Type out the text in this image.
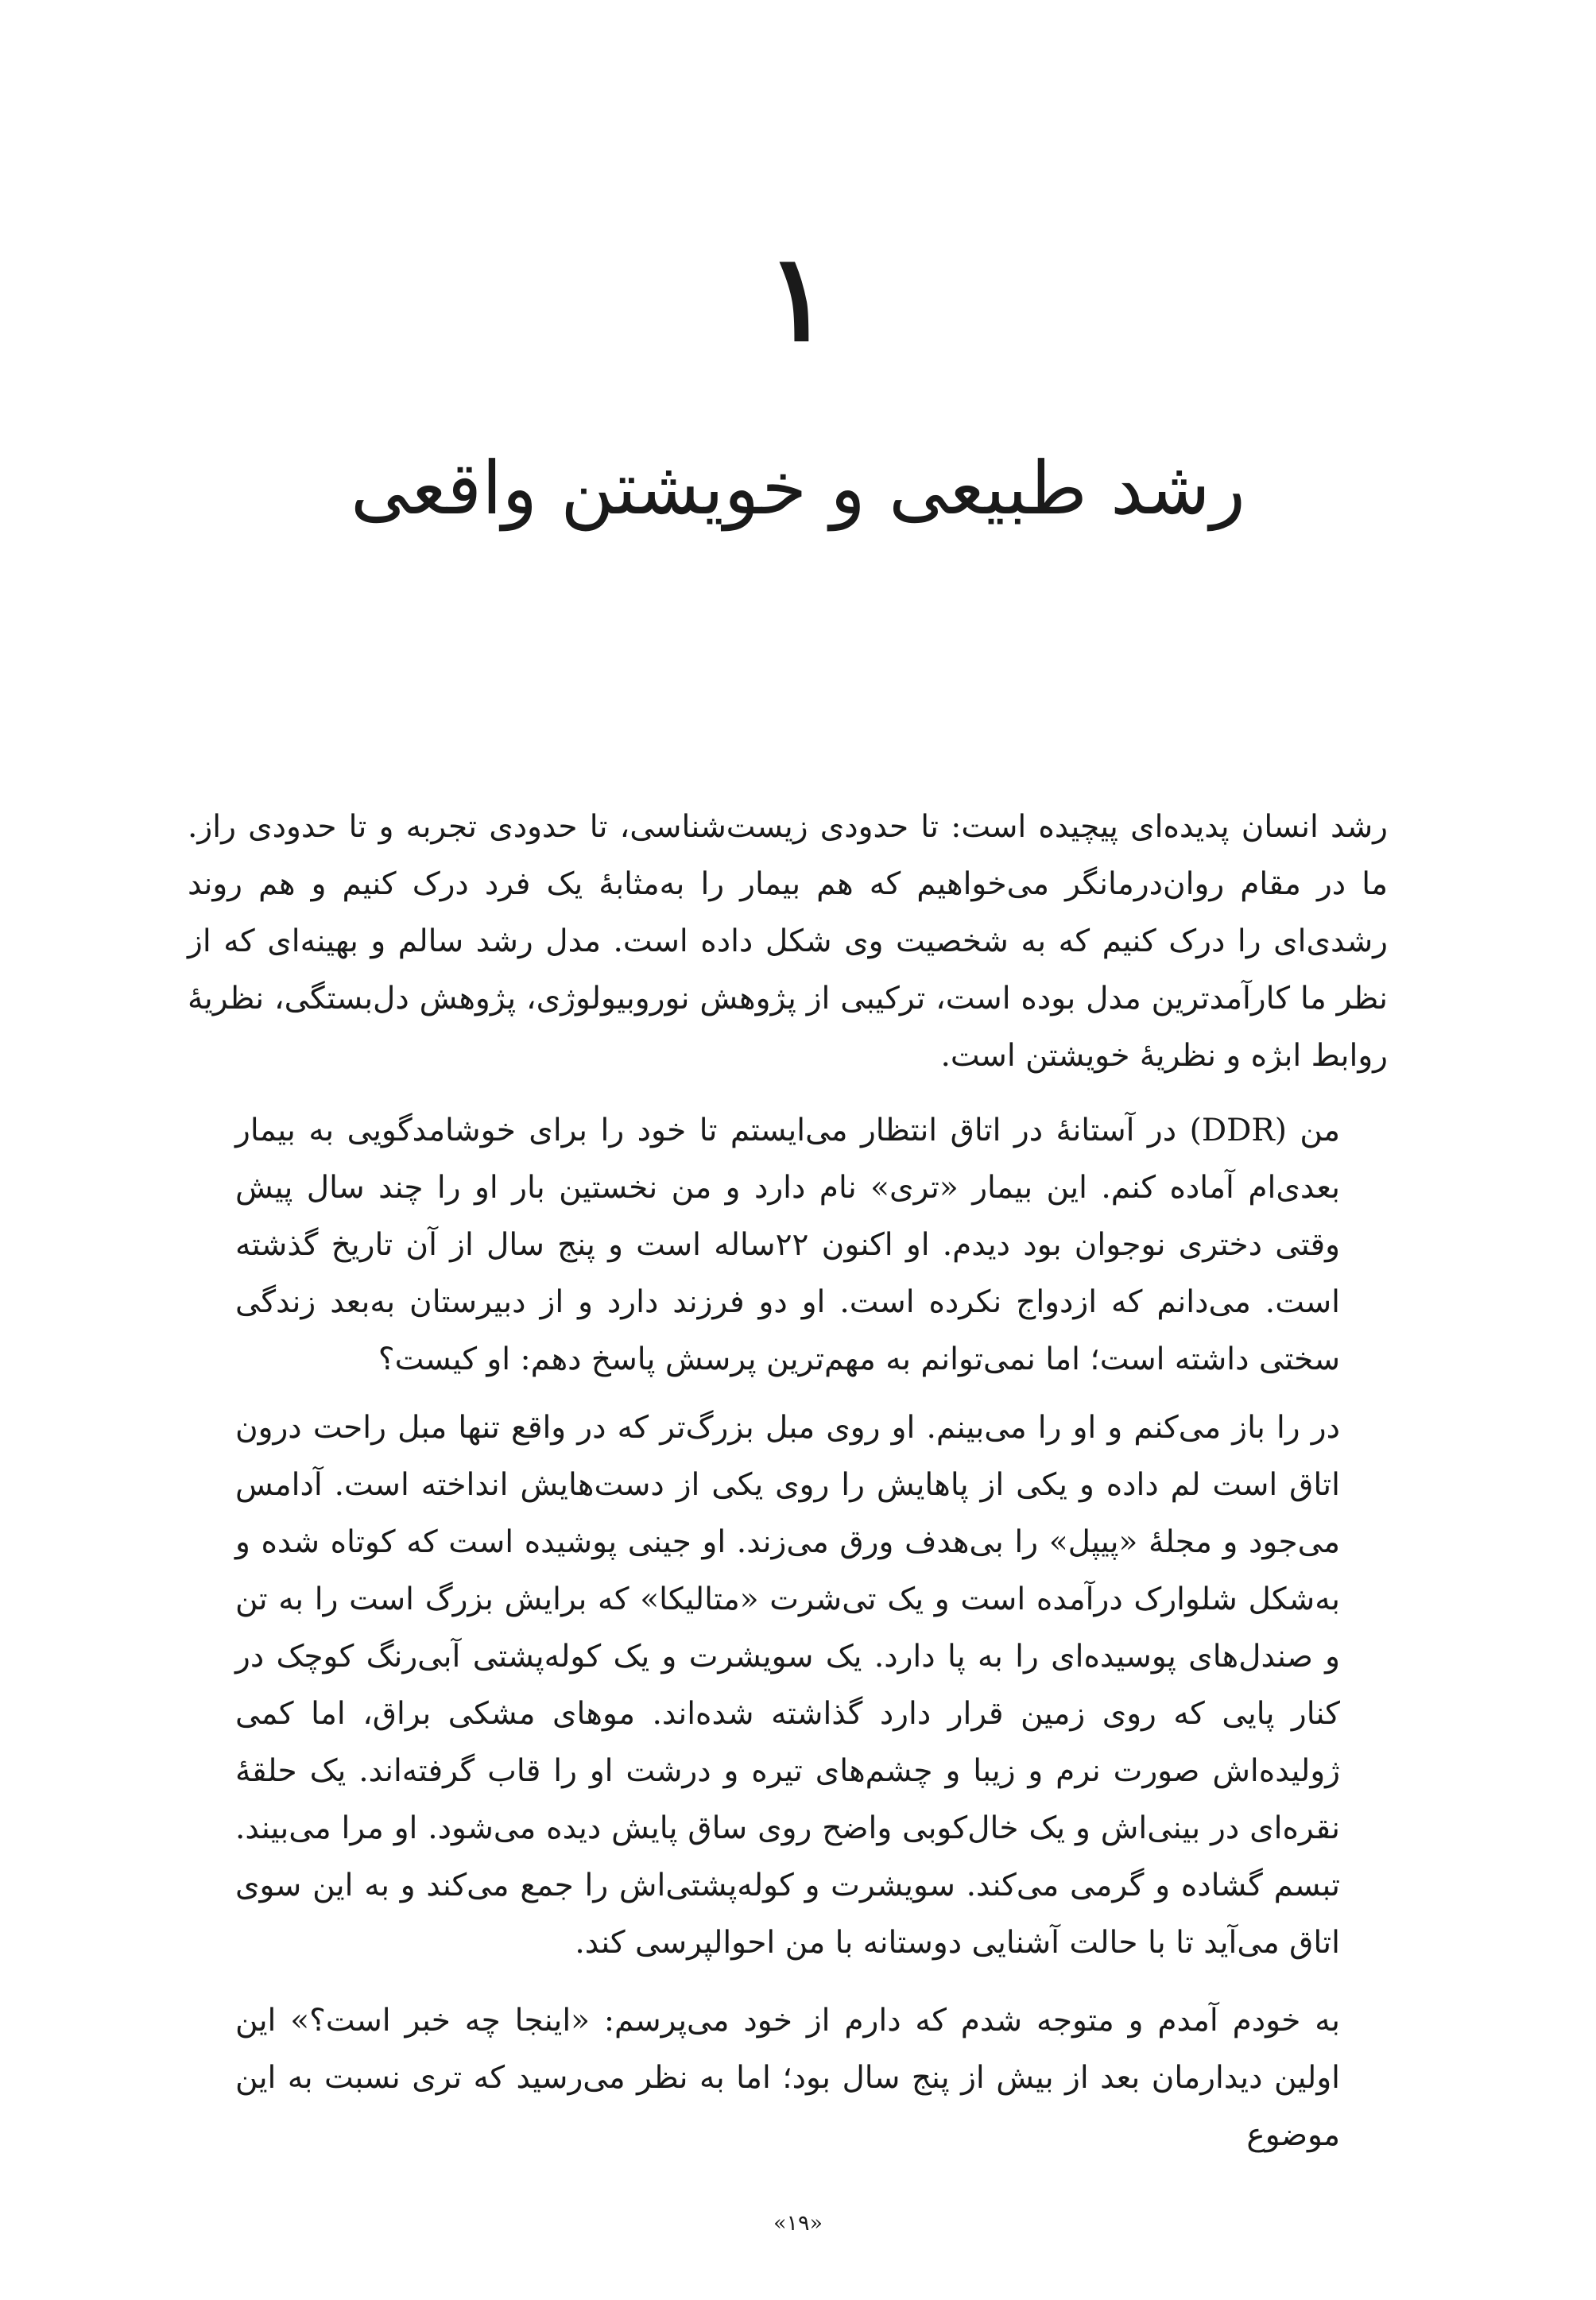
۱
رشد طبیعی و خویشتن واقعی

رشد انسان پدیده‌ای پیچیده است: تا حدودی زیست‌شناسی، تا حدودی تجربه و تا حدودی راز. ما در مقام روان‌درمانگر می‌خواهیم که هم بیمار را به‌مثابهٔ یک فرد درک کنیم و هم روند رشدی‌ای را درک کنیم که به شخصیت وی شکل داده است. مدل رشد سالم و بهینه‌ای که از نظر ما کارآمدترین مدل بوده است، ترکیبی از پژوهش نوروبیولوژی، پژوهش دل‌بستگی، نظریهٔ روابط ابژه و نظریهٔ خویشتن است.

من (DDR) در آستانهٔ در اتاق انتظار می‌ایستم تا خود را برای خوشامدگویی به بیمار بعدی‌ام آماده کنم. این بیمار «تری» نام دارد و من نخستین بار او را چند سال پیش وقتی دختری نوجوان بود دیدم. او اکنون ۲۲ساله است و پنج سال از آن تاریخ گذشته است. می‌دانم که ازدواج نکرده است. او دو فرزند دارد و از دبیرستان به‌بعد زندگی سختی داشته است؛ اما نمی‌توانم به مهم‌ترین پرسش پاسخ دهم: او کیست؟

در را باز می‌کنم و او را می‌بینم. او روی مبل بزرگ‌تر که در واقع تنها مبل راحت درون اتاق است لم داده و یکی از پاهایش را روی یکی از دست‌هایش انداخته است. آدامس می‌جود و مجلهٔ «پیپل» را بی‌هدف ورق می‌زند. او جینی پوشیده است که کوتاه شده و به‌شکل شلوارک درآمده است و یک تی‌شرت «متالیکا» که برایش بزرگ است را به تن و صندل‌های پوسیده‌ای را به پا دارد. یک سویشرت و یک کوله‌پشتی آبی‌رنگ کوچک در کنار پایی که روی زمین قرار دارد گذاشته شده‌اند. موهای مشکی براق، اما کمی ژولیده‌اش صورت نرم و زیبا و چشم‌های تیره و درشت او را قاب گرفته‌اند. یک حلقهٔ نقره‌ای در بینی‌اش و یک خال‌کوبی واضح روی ساق پایش دیده می‌شود. او مرا می‌بیند. تبسم گشاده و گرمی می‌کند. سویشرت و کوله‌پشتی‌اش را جمع می‌کند و به این سوی اتاق می‌آید تا با حالت آشنایی دوستانه با من احوالپرسی کند.

به خودم آمدم و متوجه شدم که دارم از خود می‌پرسم: «اینجا چه خبر است؟» این اولین دیدارمان بعد از بیش از پنج سال بود؛ اما به نظر می‌رسید که تری نسبت به این موضوع

«۱۹»
